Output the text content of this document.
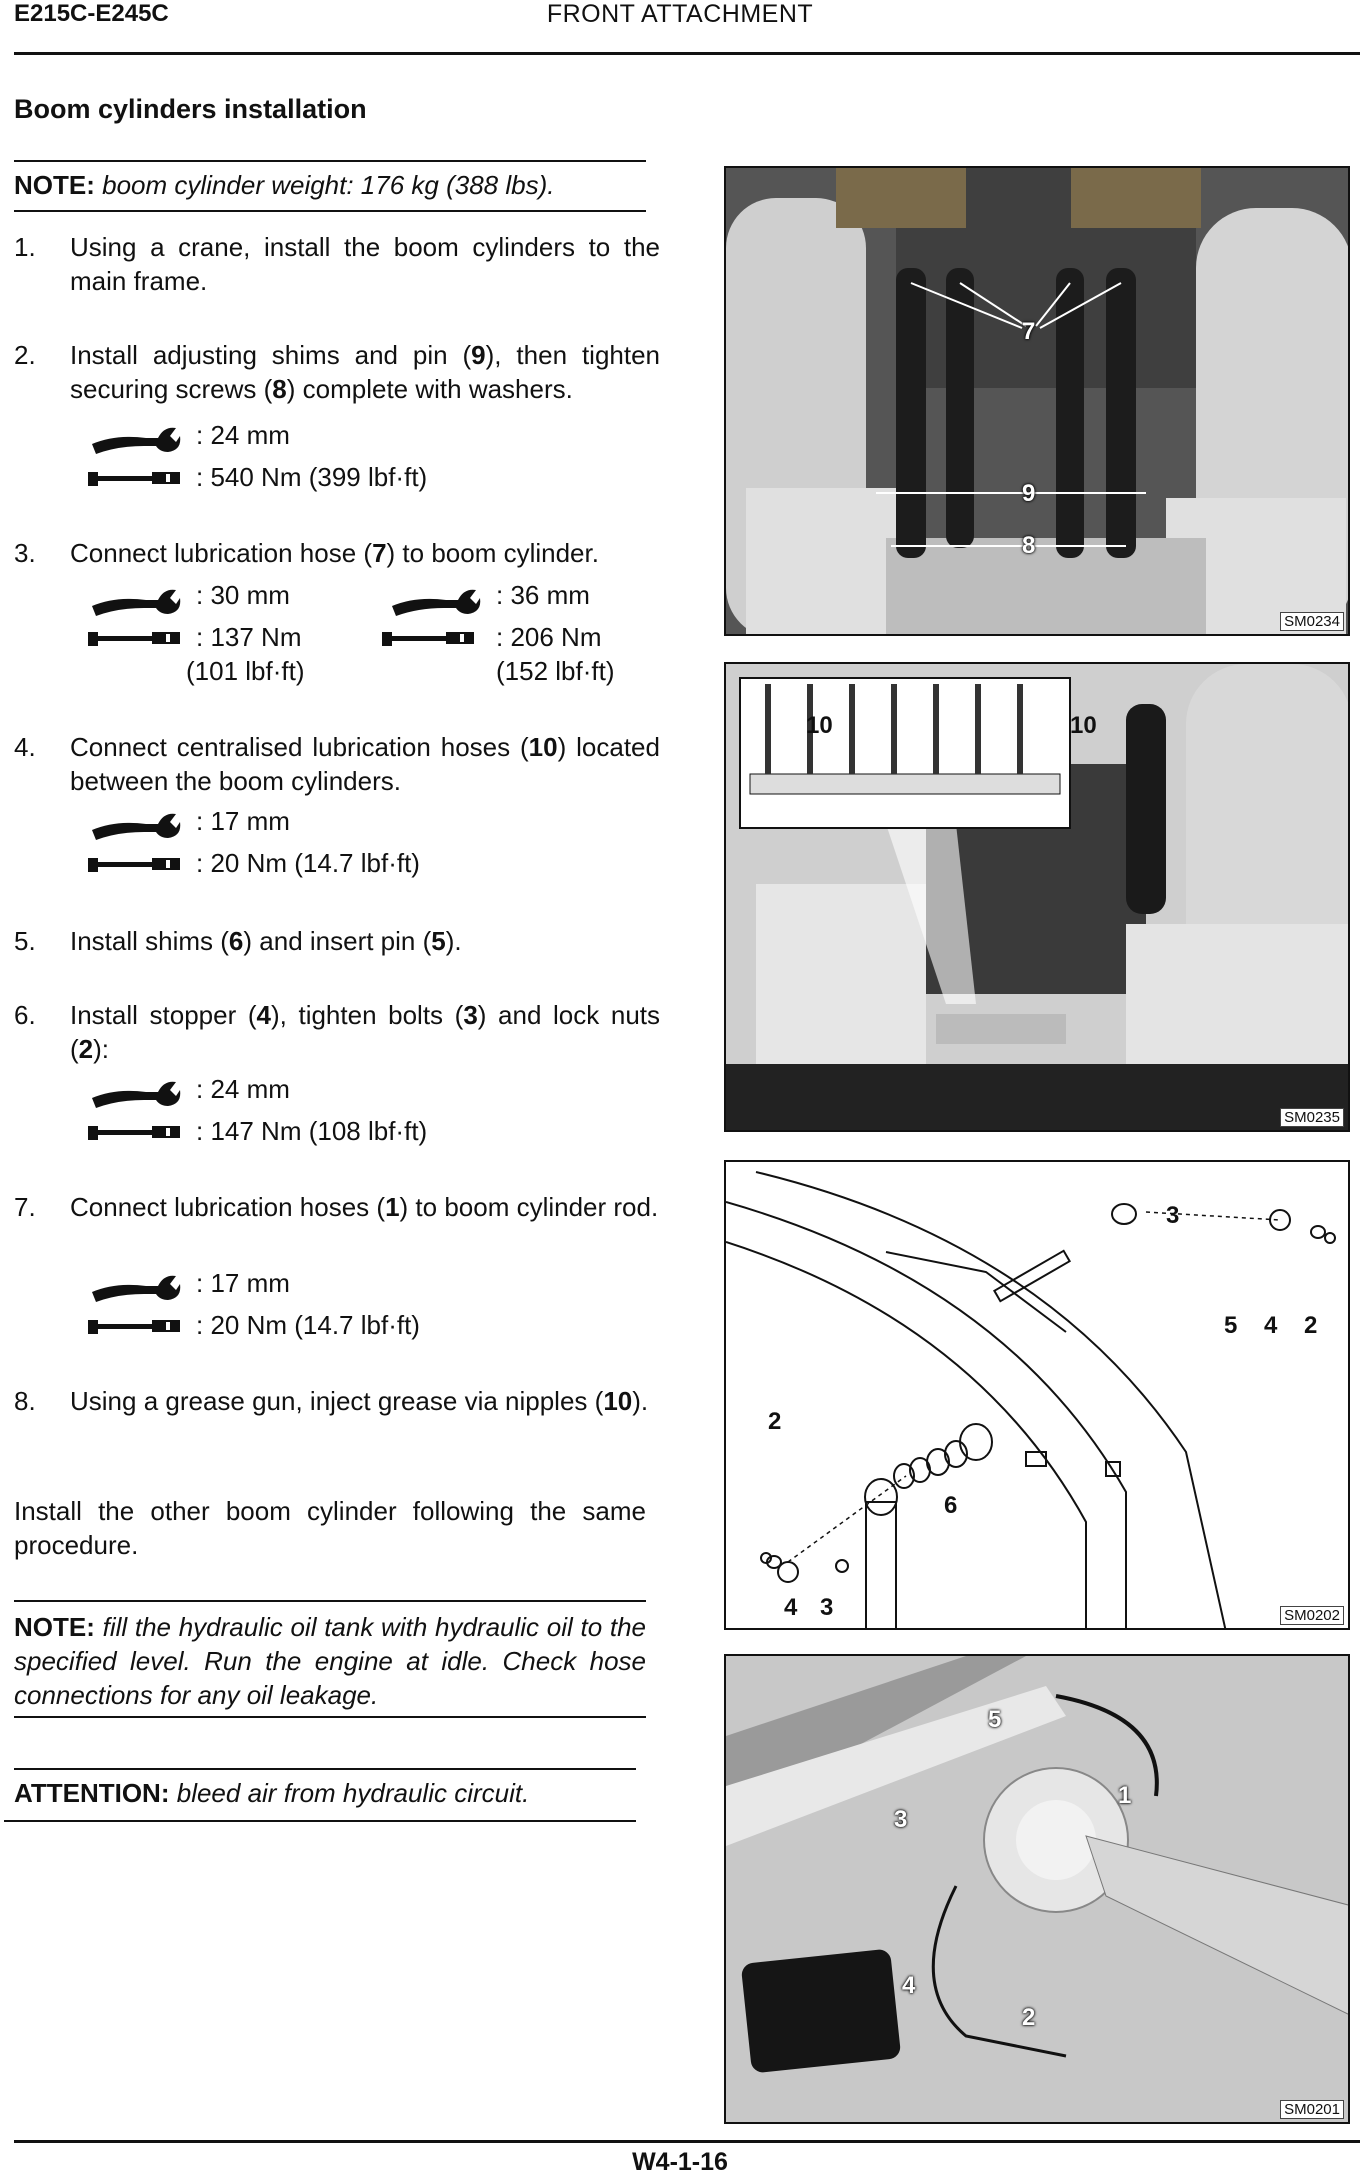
E215C-E245C	FRONT ATTACHMENT
Boom cylinders installation
NOTE: boom cylinder weight: 176 kg (388 lbs).
1. Using a crane, install the boom cylinders to the main frame.
2. Install adjusting shims and pin (9), then tighten securing screws (8) complete with washers.
: 24 mm
: 540 Nm (399 lbf·ft)
3. Connect lubrication hose (7) to boom cylinder.
: 30 mm
: 137 Nm
(101 lbf·ft)
: 36 mm
: 206 Nm
(152 lbf·ft)
4. Connect centralised lubrication hoses (10) located between the boom cylinders.
: 17 mm
: 20 Nm (14.7 lbf·ft)
5. Install shims (6) and insert pin (5).
6. Install stopper (4), tighten bolts (3) and lock nuts (2):
: 24 mm
: 147 Nm (108 lbf·ft)
7. Connect lubrication hoses (1) to boom cylinder rod.
: 17 mm
: 20 Nm (14.7 lbf·ft)
8. Using a grease gun, inject grease via nipples (10).
Install the other boom cylinder following the same procedure.
NOTE: fill the hydraulic oil tank with hydraulic oil to the specified level. Run the engine at idle. Check hose connections for any oil leakage.
ATTENTION: bleed air from hydraulic circuit.
7
9
8
SM0234
10	10
SM0235
3
5 4 2
2
6
4 3	SM0202
5
3
1
4
2
SM0201
W4-1-16
